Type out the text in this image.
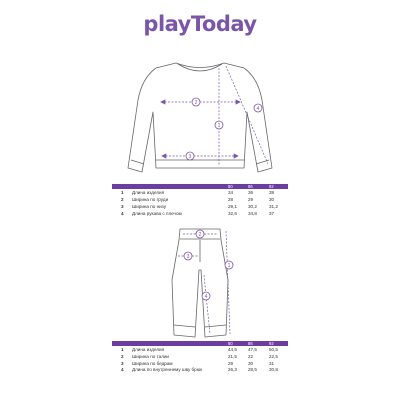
playToday
2
1
3
4
2
1
3
4
80	86	92
1 Длина изделия	34	36	38
2 Ширина по груди	28	29	30
3 Ширина по низу	29,1 30,2	31,2
4 Длина рукава с плечом	32,6 34,8	37
80	86	92
1 Длина изделия	44,5 47,5	50,5
2 Ширина по талии	21,5 22	22,5
3 Ширина по бедрам	29	30	31
4 Длина по внутреннему шву брюк	26,3 28,5	30,8
